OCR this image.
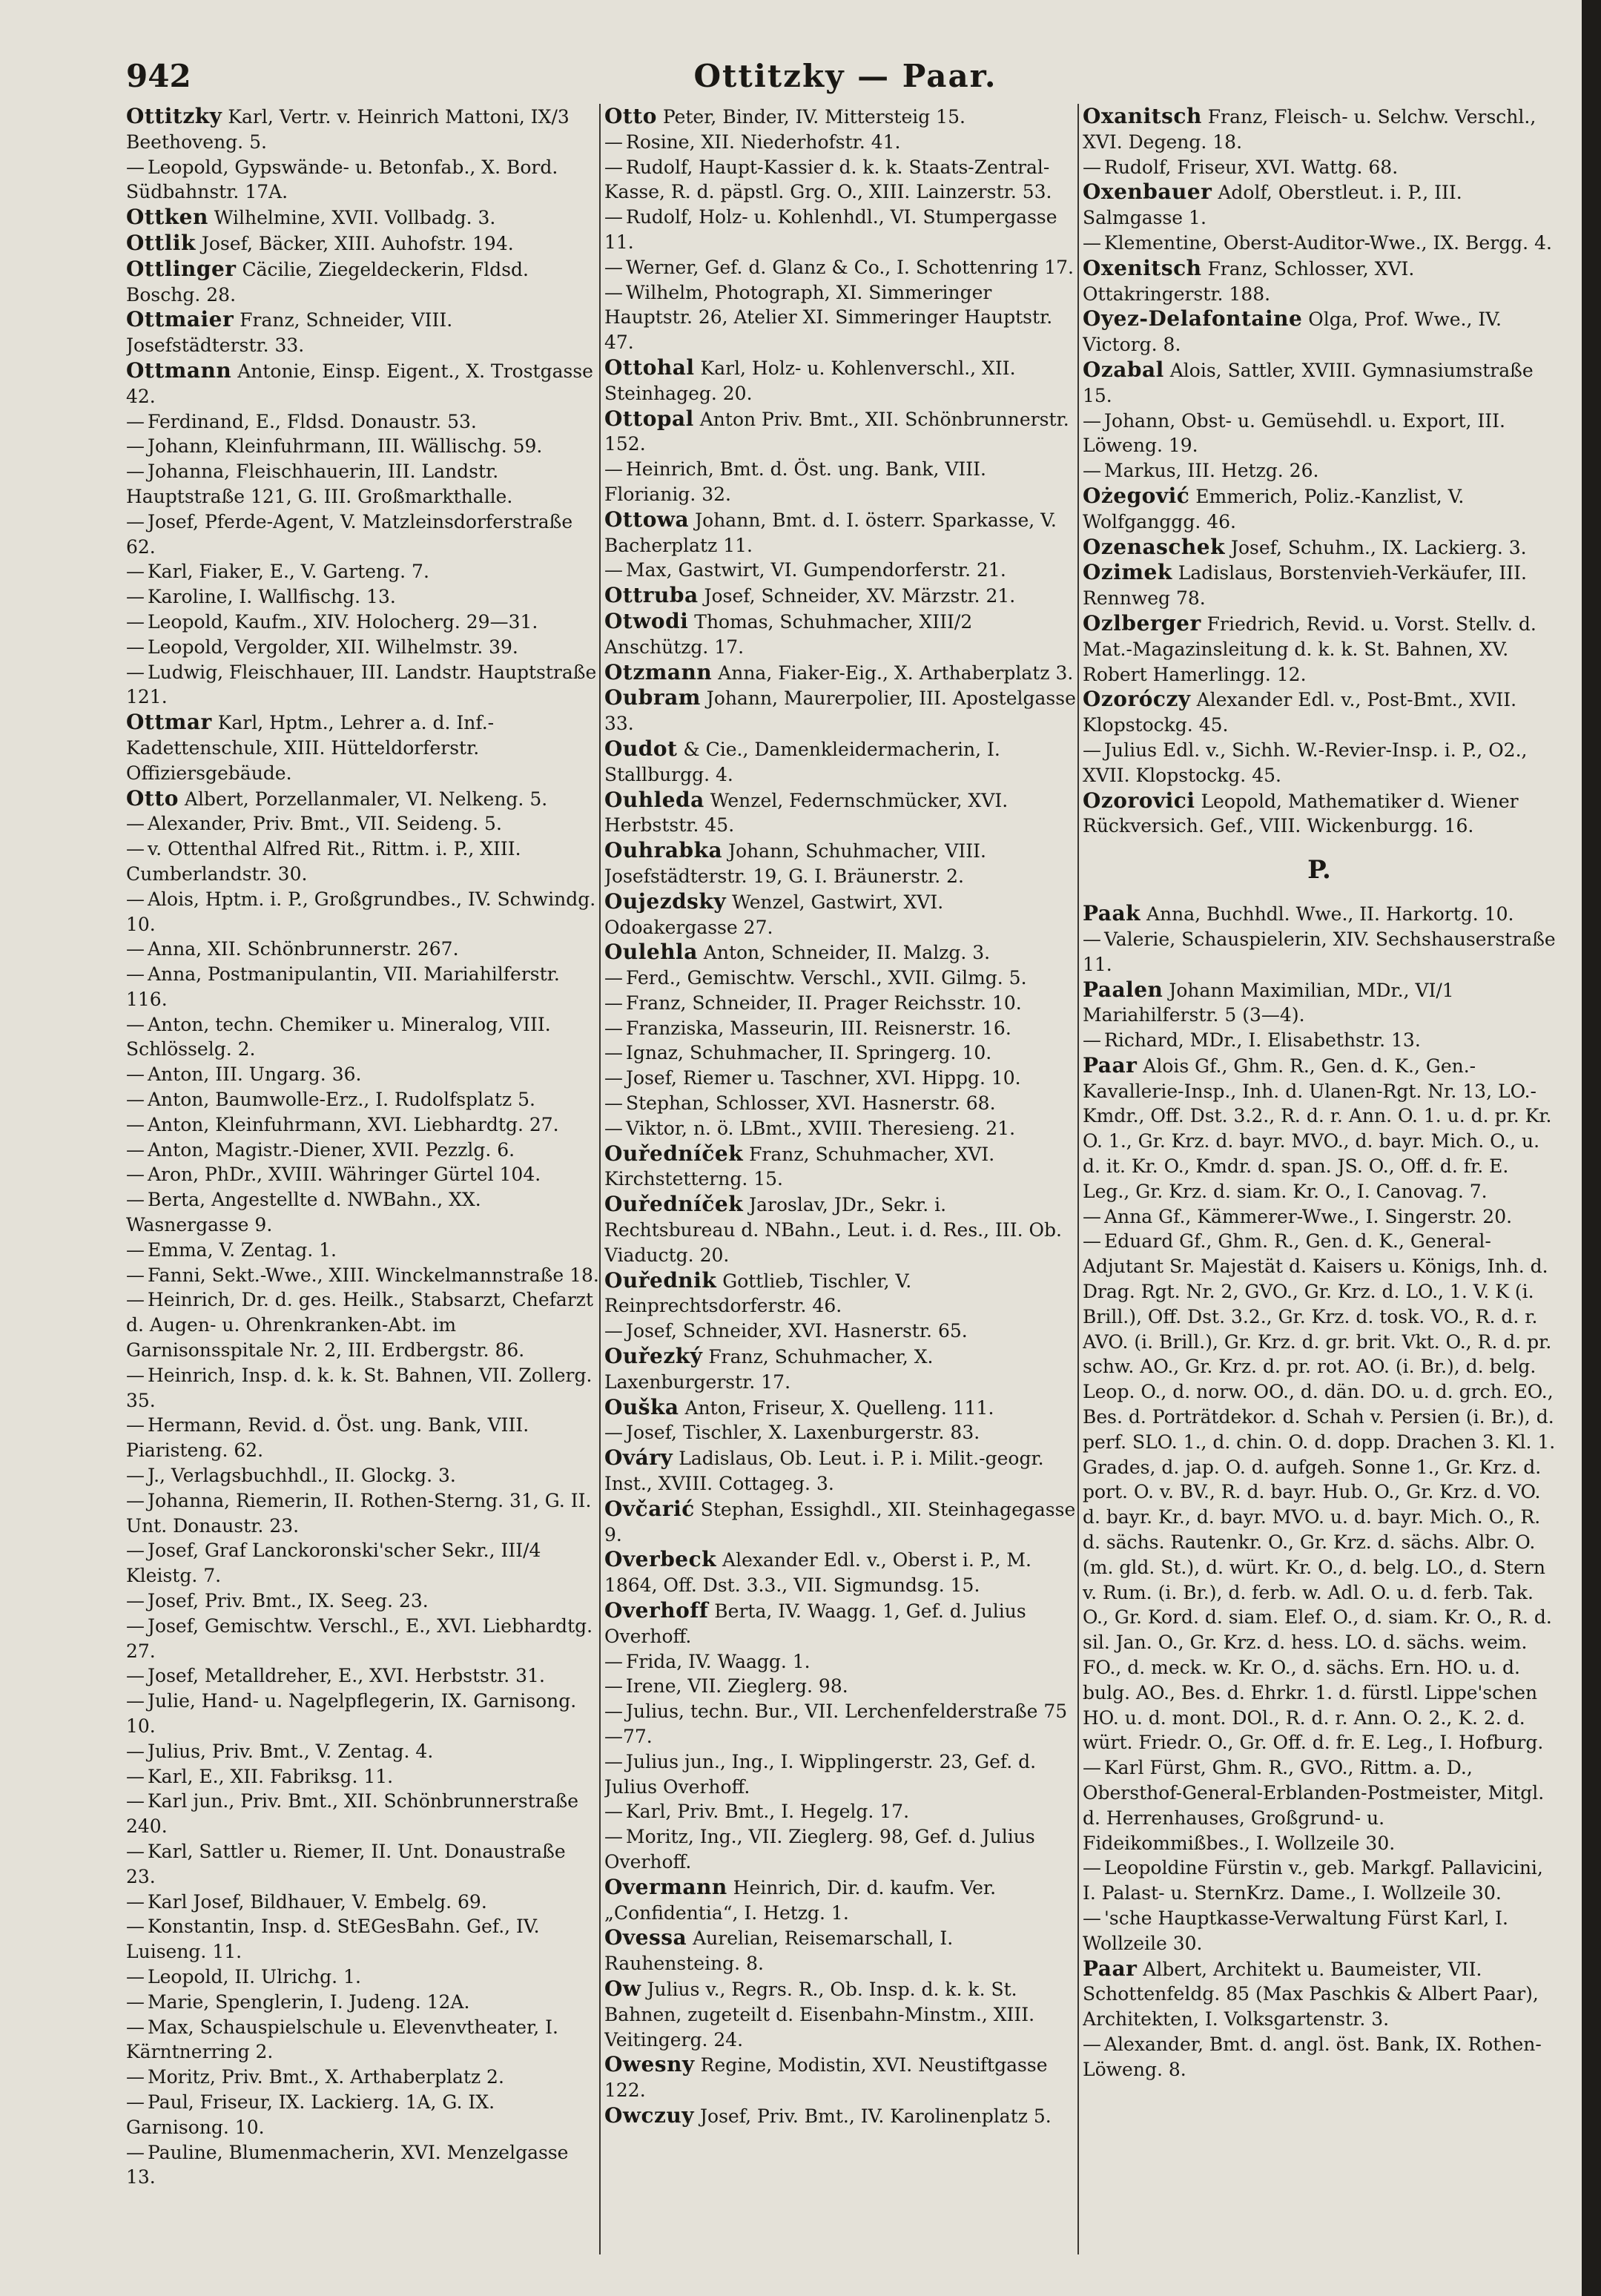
942	Ottitzky — Paar.

Ottitzky Karl, Vertr. v. Heinrich Mattoni, IX/3 Beethoveng. 5.

— Leopold, Gypswände- u. Betonfab., X. Bord. Südbahnstr. 17A.

Ottken Wilhelmine, XVII. Vollbadg. 3.

Ottlik Josef, Bäcker, XIII. Auhofstr. 194.

Ottlinger Cäcilie, Ziegeldeckerin, Fldsd. Boschg. 28.

Ottmaier Franz, Schneider, VIII. Josefstädterstr. 33.

Ottmann Antonie, Einsp. Eigent., X. Trostgasse 42.

— Ferdinand, E., Fldsd. Donaustr. 53.

— Johann, Kleinfuhrmann, III. Wällischg. 59.

— Johanna, Fleischhauerin, III. Landstr. Hauptstraße 121, G. III. Großmarkthalle.

— Josef, Pferde-Agent, V. Matzleinsdorferstraße 62.

— Karl, Fiaker, E., V. Garteng. 7.

— Karoline, I. Wallfischg. 13.

— Leopold, Kaufm., XIV. Holocherg. 29—31.

— Leopold, Vergolder, XII. Wilhelmstr. 39.

— Ludwig, Fleischhauer, III. Landstr. Hauptstraße 121.

Ottmar Karl, Hptm., Lehrer a. d. Inf.-Kadettenschule, XIII. Hütteldorferstr. Offiziersgebäude.

Otto Albert, Porzellanmaler, VI. Nelkeng. 5.

— Alexander, Priv. Bmt., VII. Seideng. 5.

— v. Ottenthal Alfred Rit., Rittm. i. P., XIII. Cumberlandstr. 30.

— Alois, Hptm. i. P., Großgrundbes., IV. Schwindg. 10.

— Anna, XII. Schönbrunnerstr. 267.

— Anna, Postmanipulantin, VII. Mariahilferstr. 116.

— Anton, techn. Chemiker u. Mineralog, VIII. Schlösselg. 2.

— Anton, III. Ungarg. 36.

— Anton, Baumwolle-Erz., I. Rudolfsplatz 5.

— Anton, Kleinfuhrmann, XVI. Liebhardtg. 27.

— Anton, Magistr.-Diener, XVII. Pezzlg. 6.

— Aron, PhDr., XVIII. Währinger Gürtel 104.

— Berta, Angestellte d. NWBahn., XX. Wasnergasse 9.

— Emma, V. Zentag. 1.

— Fanni, Sekt.-Wwe., XIII. Winckelmannstraße 18.

— Heinrich, Dr. d. ges. Heilk., Stabsarzt, Chefarzt d. Augen- u. Ohrenkranken-Abt. im Garnisonsspitale Nr. 2, III. Erdbergstr. 86.

— Heinrich, Insp. d. k. k. St. Bahnen, VII. Zollerg. 35.

— Hermann, Revid. d. Öst. ung. Bank, VIII. Piaristeng. 62.

— J., Verlagsbuchhdl., II. Glockg. 3.

— Johanna, Riemerin, II. Rothen-Sterng. 31, G. II. Unt. Donaustr. 23.

— Josef, Graf Lanckoronski'scher Sekr., III/4 Kleistg. 7.

— Josef, Priv. Bmt., IX. Seeg. 23.

— Josef, Gemischtw. Verschl., E., XVI. Liebhardtg. 27.

— Josef, Metalldreher, E., XVI. Herbststr. 31.

— Julie, Hand- u. Nagelpflegerin, IX. Garnisong. 10.

— Julius, Priv. Bmt., V. Zentag. 4.

— Karl, E., XII. Fabriksg. 11.

— Karl jun., Priv. Bmt., XII. Schönbrunnerstraße 240.

— Karl, Sattler u. Riemer, II. Unt. Donaustraße 23.

— Karl Josef, Bildhauer, V. Embelg. 69.

— Konstantin, Insp. d. StEGesBahn. Gef., IV. Luiseng. 11.

— Leopold, II. Ulrichg. 1.

— Marie, Spenglerin, I. Judeng. 12A.

— Max, Schauspielschule u. Elevenvtheater, I. Kärntnerring 2.

— Moritz, Priv. Bmt., X. Arthaberplatz 2.

— Paul, Friseur, IX. Lackierg. 1A, G. IX. Garnisong. 10.

— Pauline, Blumenmacherin, XVI. Menzelgasse 13.

Otto Peter, Binder, IV. Mittersteig 15.

— Rosine, XII. Niederhofstr. 41.

— Rudolf, Haupt-Kassier d. k. k. Staats-Zentral-Kasse, R. d. päpstl. Grg. O., XIII. Lainzerstr. 53.

— Rudolf, Holz- u. Kohlenhdl., VI. Stumpergasse 11.

— Werner, Gef. d. Glanz & Co., I. Schottenring 17.

— Wilhelm, Photograph, XI. Simmeringer Hauptstr. 26, Atelier XI. Simmeringer Hauptstr. 47.

Ottohal Karl, Holz- u. Kohlenverschl., XII. Steinhageg. 20.

Ottopal Anton Priv. Bmt., XII. Schönbrunnerstr. 152.

— Heinrich, Bmt. d. Öst. ung. Bank, VIII. Florianig. 32.

Ottowa Johann, Bmt. d. I. österr. Sparkasse, V. Bacherplatz 11.

— Max, Gastwirt, VI. Gumpendorferstr. 21.

Ottruba Josef, Schneider, XV. Märzstr. 21.

Otwodi Thomas, Schuhmacher, XIII/2 Anschützg. 17.

Otzmann Anna, Fiaker-Eig., X. Arthaberplatz 3.

Oubram Johann, Maurerpolier, III. Apostelgasse 33.

Oudot & Cie., Damenkleidermacherin, I. Stallburgg. 4.

Ouhleda Wenzel, Federnschmücker, XVI. Herbststr. 45.

Ouhrabka Johann, Schuhmacher, VIII. Josefstädterstr. 19, G. I. Bräunerstr. 2.

Oujezdsky Wenzel, Gastwirt, XVI. Odoakergasse 27.

Oulehla Anton, Schneider, II. Malzg. 3.

— Ferd., Gemischtw. Verschl., XVII. Gilmg. 5.

— Franz, Schneider, II. Prager Reichsstr. 10.

— Franziska, Masseurin, III. Reisnerstr. 16.

— Ignaz, Schuhmacher, II. Springerg. 10.

— Josef, Riemer u. Taschner, XVI. Hippg. 10.

— Stephan, Schlosser, XVI. Hasnerstr. 68.

— Viktor, n. ö. LBmt., XVIII. Theresieng. 21.

Ouředníček Franz, Schuhmacher, XVI. Kirchstetterng. 15.

Ouředníček Jaroslav, JDr., Sekr. i. Rechtsbureau d. NBahn., Leut. i. d. Res., III. Ob. Viaductg. 20.

Ouřednik Gottlieb, Tischler, V. Reinprechtsdorferstr. 46.

— Josef, Schneider, XVI. Hasnerstr. 65.

Ouřezký Franz, Schuhmacher, X. Laxenburgerstr. 17.

Ouška Anton, Friseur, X. Quelleng. 111.

— Josef, Tischler, X. Laxenburgerstr. 83.

Ováry Ladislaus, Ob. Leut. i. P. i. Milit.-geogr. Inst., XVIII. Cottageg. 3.

Ovčarić Stephan, Essighdl., XII. Steinhagegasse 9.

Overbeck Alexander Edl. v., Oberst i. P., M. 1864, Off. Dst. 3.3., VII. Sigmundsg. 15.

Overhoff Berta, IV. Waagg. 1, Gef. d. Julius Overhoff.

— Frida, IV. Waagg. 1.

— Irene, VII. Zieglerg. 98.

— Julius, techn. Bur., VII. Lerchenfelderstraße 75—77.

— Julius jun., Ing., I. Wipplingerstr. 23, Gef. d. Julius Overhoff.

— Karl, Priv. Bmt., I. Hegelg. 17.

— Moritz, Ing., VII. Zieglerg. 98, Gef. d. Julius Overhoff.

Overmann Heinrich, Dir. d. kaufm. Ver. „Confidentia“, I. Hetzg. 1.

Ovessa Aurelian, Reisemarschall, I. Rauhensteing. 8.

Ow Julius v., Regrs. R., Ob. Insp. d. k. k. St. Bahnen, zugeteilt d. Eisenbahn-Minstm., XIII. Veitingerg. 24.

Owesny Regine, Modistin, XVI. Neustiftgasse 122.

Owczuy Josef, Priv. Bmt., IV. Karolinenplatz 5.

Oxanitsch Franz, Fleisch- u. Selchw. Verschl., XVI. Degeng. 18.

— Rudolf, Friseur, XVI. Wattg. 68.

Oxenbauer Adolf, Oberstleut. i. P., III. Salmgasse 1.

— Klementine, Oberst-Auditor-Wwe., IX. Bergg. 4.

Oxenitsch Franz, Schlosser, XVI. Ottakringerstr. 188.

Oyez-Delafontaine Olga, Prof. Wwe., IV. Victorg. 8.

Ozabal Alois, Sattler, XVIII. Gymnasiumstraße 15.

— Johann, Obst- u. Gemüsehdl. u. Export, III. Löweng. 19.

— Markus, III. Hetzg. 26.

Ożegović Emmerich, Poliz.-Kanzlist, V. Wolfganggg. 46.

Ozenaschek Josef, Schuhm., IX. Lackierg. 3.

Ozimek Ladislaus, Borstenvieh-Verkäufer, III. Rennweg 78.

Ozlberger Friedrich, Revid. u. Vorst. Stellv. d. Mat.-Magazinsleitung d. k. k. St. Bahnen, XV. Robert Hamerlingg. 12.

Ozoróczy Alexander Edl. v., Post-Bmt., XVII. Klopstockg. 45.

— Julius Edl. v., Sichh. W.-Revier-Insp. i. P., O2., XVII. Klopstockg. 45.

Ozorovici Leopold, Mathematiker d. Wiener Rückversich. Gef., VIII. Wickenburgg. 16.

P.

Paak Anna, Buchhdl. Wwe., II. Harkortg. 10.

— Valerie, Schauspielerin, XIV. Sechshauserstraße 11.

Paalen Johann Maximilian, MDr., VI/1 Mariahilferstr. 5 (3—4).

— Richard, MDr., I. Elisabethstr. 13.

Paar Alois Gf., Ghm. R., Gen. d. K., Gen.-Kavallerie-Insp., Inh. d. Ulanen-Rgt. Nr. 13, LO.-Kmdr., Off. Dst. 3.2., R. d. r. Ann. O. 1. u. d. pr. Kr. O. 1., Gr. Krz. d. bayr. MVO., d. bayr. Mich. O., u. d. it. Kr. O., Kmdr. d. span. JS. O., Off. d. fr. E. Leg., Gr. Krz. d. siam. Kr. O., I. Canovag. 7.

— Anna Gf., Kämmerer-Wwe., I. Singerstr. 20.

— Eduard Gf., Ghm. R., Gen. d. K., General-Adjutant Sr. Majestät d. Kaisers u. Königs, Inh. d. Drag. Rgt. Nr. 2, GVO., Gr. Krz. d. LO., 1. V. K (i. Brill.), Off. Dst. 3.2., Gr. Krz. d. tosk. VO., R. d. r. AVO. (i. Brill.), Gr. Krz. d. gr. brit. Vkt. O., R. d. pr. schw. AO., Gr. Krz. d. pr. rot. AO. (i. Br.), d. belg. Leop. O., d. norw. OO., d. dän. DO. u. d. grch. EO., Bes. d. Porträtdekor. d. Schah v. Persien (i. Br.), d. perf. SLO. 1., d. chin. O. d. dopp. Drachen 3. Kl. 1. Grades, d. jap. O. d. aufgeh. Sonne 1., Gr. Krz. d. port. O. v. BV., R. d. bayr. Hub. O., Gr. Krz. d. VO. d. bayr. Kr., d. bayr. MVO. u. d. bayr. Mich. O., R. d. sächs. Rautenkr. O., Gr. Krz. d. sächs. Albr. O. (m. gld. St.), d. würt. Kr. O., d. belg. LO., d. Stern v. Rum. (i. Br.), d. ferb. w. Adl. O. u. d. ferb. Tak. O., Gr. Kord. d. siam. Elef. O., d. siam. Kr. O., R. d. sil. Jan. O., Gr. Krz. d. hess. LO. d. sächs. weim. FO., d. meck. w. Kr. O., d. sächs. Ern. HO. u. d. bulg. AO., Bes. d. Ehrkr. 1. d. fürstl. Lippe'schen HO. u. d. mont. DOl., R. d. r. Ann. O. 2., K. 2. d. würt. Friedr. O., Gr. Off. d. fr. E. Leg., I. Hofburg.

— Karl Fürst, Ghm. R., GVO., Rittm. a. D., Obersthof-General-Erblanden-Postmeister, Mitgl. d. Herrenhauses, Großgrund- u. Fideikommißbes., I. Wollzeile 30.

— Leopoldine Fürstin v., geb. Markgf. Pallavicini, I. Palast- u. SternKrz. Dame., I. Wollzeile 30.

— 'sche Hauptkasse-Verwaltung Fürst Karl, I. Wollzeile 30.

Paar Albert, Architekt u. Baumeister, VII. Schottenfeldg. 85 (Max Paschkis & Albert Paar), Architekten, I. Volksgartenstr. 3.

— Alexander, Bmt. d. angl. öst. Bank, IX. Rothen-Löweng. 8.
